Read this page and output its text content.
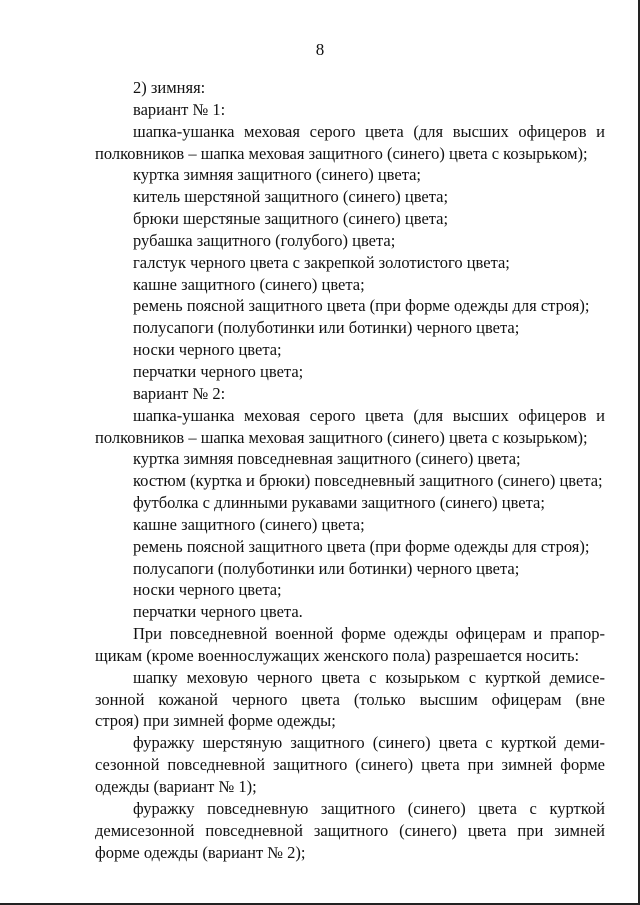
8
2) зимняя:
вариант № 1:
шапка-ушанка меховая серого цвета (для высших офицеров и
полковников – шапка меховая защитного (синего) цвета с козырьком);
куртка зимняя защитного (синего) цвета;
китель шерстяной защитного (синего) цвета;
брюки шерстяные защитного (синего) цвета;
рубашка защитного (голубого) цвета;
галстук черного цвета с закрепкой золотистого цвета;
кашне защитного (синего) цвета;
ремень поясной защитного цвета (при форме одежды для строя);
полусапоги (полуботинки или ботинки) черного цвета;
носки черного цвета;
перчатки черного цвета;
вариант № 2:
шапка-ушанка меховая серого цвета (для высших офицеров и
полковников – шапка меховая защитного (синего) цвета с козырьком);
куртка зимняя повседневная защитного (синего) цвета;
костюм (куртка и брюки) повседневный защитного (синего) цвета;
футболка с длинными рукавами защитного (синего) цвета;
кашне защитного (синего) цвета;
ремень поясной защитного цвета (при форме одежды для строя);
полусапоги (полуботинки или ботинки) черного цвета;
носки черного цвета;
перчатки черного цвета.
При повседневной военной форме одежды офицерам и прапор-
щикам (кроме военнослужащих женского пола) разрешается носить:
шапку меховую черного цвета с козырьком с курткой демисе-
зонной кожаной черного цвета (только высшим офицерам (вне
строя) при зимней форме одежды;
фуражку шерстяную защитного (синего) цвета с курткой деми-
сезонной повседневной защитного (синего) цвета при зимней форме
одежды (вариант № 1);
фуражку повседневную защитного (синего) цвета с курткой
демисезонной повседневной защитного (синего) цвета при зимней
форме одежды (вариант № 2);
